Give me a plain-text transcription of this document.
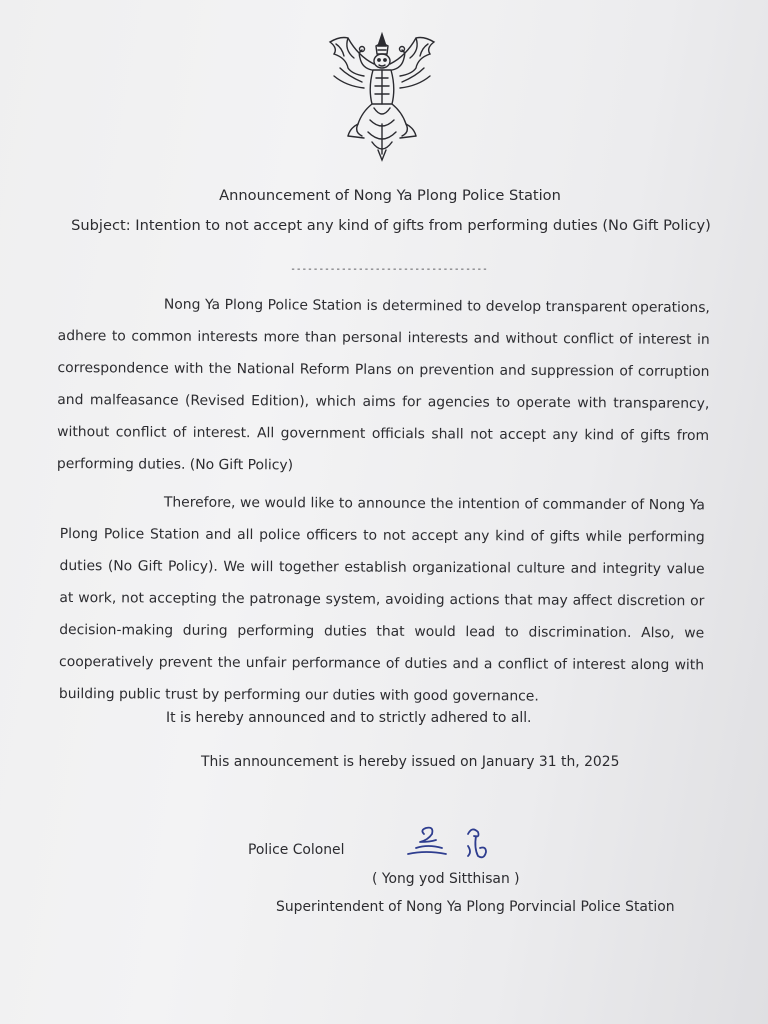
Announcement of Nong Ya Plong Police Station
Subject: Intention to not accept any kind of gifts from performing duties (No Gift Policy)
-----------------------------------
Nong Ya Plong Police Station is determined to develop transparent operations, adhere to common interests more than personal interests and without conflict of interest in correspondence with the National Reform Plans on prevention and suppression of corruption and malfeasance (Revised Edition), which aims for agencies to operate with transparency, without conflict of interest. All government officials shall not accept any kind of gifts from performing duties. (No Gift Policy)
Therefore, we would like to announce the intention of commander of Nong Ya Plong Police Station and all police officers to not accept any kind of gifts while performing duties (No Gift Policy). We will together establish organizational culture and integrity value at work, not accepting the patronage system, avoiding actions that may affect discretion or decision-making during performing duties that would lead to discrimination. Also, we cooperatively prevent the unfair performance of duties and a conflict of interest along with building public trust by performing our duties with good governance.
It is hereby announced and to strictly adhered to all.
This announcement is hereby issued on January 31 th, 2025
Police Colonel
( Yong yod Sitthisan )
Superintendent of Nong Ya Plong Porvincial Police Station
